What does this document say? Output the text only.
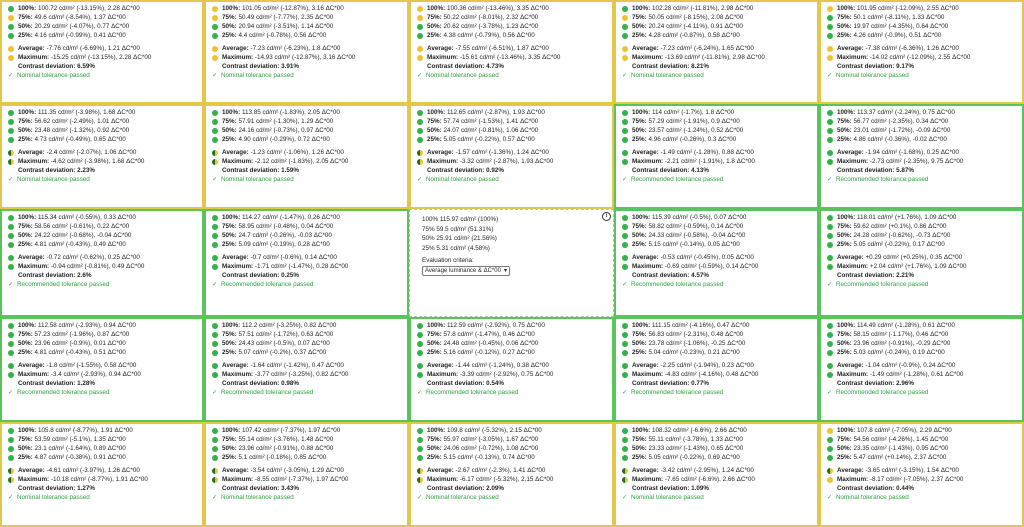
100%: 100.72 cd/m² (-13.15%), 2.28 ΔC*00
75%: 49.6 cd/m² (-8.54%), 1.37 ΔC*00
50%: 20.29 cd/m² (-4.07%), 0.77 ΔC*00
25%: 4.16 cd/m² (-0.99%), 0.41 ΔC*00
Average: -7.76 cd/m² (-6.69%), 1.21 ΔC*00
Maximum: -15.25 cd/m² (-13.15%), 2.28 ΔC*00
Contrast deviation: 6.59%
✓ Nominal tolerance passed
100%: 101.05 cd/m² (-12.87%), 3.16 ΔC*00
75%: 50.49 cd/m² (-7.77%), 2.35 ΔC*00
50%: 20.94 cd/m² (-3.51%), 1.14 ΔC*00
25%: 4.4 cd/m² (-0.78%), 0.56 ΔC*00
Average: -7.23 cd/m² (-6.23%), 1.8 ΔC*00
Maximum: -14.93 cd/m² (-12.87%), 3.16 ΔC*00
Contrast deviation: 3.91%
✓ Nominal tolerance passed
100%: 100.36 cd/m² (-13.46%), 3.35 ΔC*00
75%: 50.22 cd/m² (-8.01%), 2.32 ΔC*00
50%: 20.62 cd/m² (-3.78%), 1.23 ΔC*00
25%: 4.38 cd/m² (-0.79%), 0.56 ΔC*00
Average: -7.55 cd/m² (-6.51%), 1.87 ΔC*00
Maximum: -15.61 cd/m² (-13.46%), 3.35 ΔC*00
Contrast deviation: 4.73%
✓ Nominal tolerance passed
100%: 102.28 cd/m² (-11.81%), 2.98 ΔC*00
75%: 50.05 cd/m² (-8.15%), 2.08 ΔC*00
50%: 20.24 cd/m² (-4.11%), 0.91 ΔC*00
25%: 4.28 cd/m² (-0.87%), 0.58 ΔC*00
Average: -7.23 cd/m² (-6.24%), 1.65 ΔC*00
Maximum: -13.69 cd/m² (-11.81%), 2.98 ΔC*00
Contrast deviation: 8.21%
✓ Nominal tolerance passed
100%: 101.95 cd/m² (-12.09%), 2.55 ΔC*00
75%: 50.1 cd/m² (-8.11%), 1.33 ΔC*00
50%: 19.97 cd/m² (-4.35%), 0.64 ΔC*00
25%: 4.26 cd/m² (-0.9%), 0.51 ΔC*00
Average: -7.38 cd/m² (-6.36%), 1.26 ΔC*00
Maximum: -14.02 cd/m² (-12.09%), 2.55 ΔC*00
Contrast deviation: 9.17%
✓ Nominal tolerance passed
100%: 111.35 cd/m² (-3.98%), 1.68 ΔC*00
75%: 56.62 cd/m² (-2.49%), 1.01 ΔC*00
50%: 23.48 cd/m² (-1.32%), 0.92 ΔC*00
25%: 4.73 cd/m² (-0.49%), 0.65 ΔC*00
Average: -2.4 cd/m² (-2.07%), 1.06 ΔC*00
Maximum: -4.62 cd/m² (-3.98%), 1.68 ΔC*00
Contrast deviation: 2.23%
✓ Nominal tolerance passed
100%: 113.85 cd/m² (-1.83%), 2.05 ΔC*00
75%: 57.91 cd/m² (-1.30%), 1.29 ΔC*00
50%: 24.16 cd/m² (-0.73%), 0.97 ΔC*00
25%: 4.90 cd/m² (-0.29%), 0.72 ΔC*00
Average: -1.23 cd/m² (-1.06%), 1.26 ΔC*00
Maximum: -2.12 cd/m² (-1.83%), 2.05 ΔC*00
Contrast deviation: 1.59%
✓ Nominal tolerance passed
100%: 112.65 cd/m² (-2.87%), 1.93 ΔC*00
75%: 57.74 cd/m² (-1.53%), 1.41 ΔC*00
50%: 24.07 cd/m² (-0.81%), 1.06 ΔC*00
25%: 5.05 cd/m² (-0.22%), 0.57 ΔC*00
Average: -1.57 cd/m² (-1.36%), 1.24 ΔC*00
Maximum: -3.32 cd/m² (-2.87%), 1.93 ΔC*00
Contrast deviation: 0.92%
✓ Nominal tolerance passed
100%: 114 cd/m² (-1.7%), 1.8 ΔC*00
75%: 57.29 cd/m² (-1.91%), 0.9 ΔC*00
50%: 23.57 cd/m² (-1.24%), 0.52 ΔC*00
25%: 4.96 cd/m² (-0.26%), 0.3 ΔC*00
Average: -1.49 cd/m² (-1.28%), 0.88 ΔC*00
Maximum: -2.21 cd/m² (-1.91%), 1.8 ΔC*00
Contrast deviation: 4.13%
✓ Recommended tolerance passed
100%: 113.37 cd/m² (-2.24%), 0.75 ΔC*00
75%: 56.77 cd/m² (-2.35%), 0.34 ΔC*00
50%: 23.01 cd/m² (-1.72%), -0.09 ΔC*00
25%: 4.86 cd/m² (-0.36%), -0.02 ΔC*00
Average: -1.94 cd/m² (-1.68%), 0.25 ΔC*00
Maximum: -2.73 cd/m² (-2.35%), 9.75 ΔC*00
Contrast deviation: 5.87%
✓ Recommended tolerance passed
100%: 115.34 cd/m² (-0.55%), 0.33 ΔC*00
75%: 58.56 cd/m² (-0.61%), 0.22 ΔC*00
50%: 24.22 cd/m² (-0.68%), -0.04 ΔC*00
25%: 4.81 cd/m² (-0.43%), 0.49 ΔC*00
Average: -0.72 cd/m² (-0.62%), 0.25 ΔC*00
Maximum: -0.94 cd/m² (-0.81%), 0.49 ΔC*00
Contrast deviation: 2.6%
✓ Recommended tolerance passed
100%: 114.27 cd/m² (-1.47%), 0.26 ΔC*00
75%: 58.95 cd/m² (-0.48%), 0.04 ΔC*00
50%: 24.7 cd/m² (-0.26%), -0.03 ΔC*00
25%: 5.09 cd/m² (-0.19%), 0.28 ΔC*00
Average: -0.7 cd/m² (-0.6%), 0.14 ΔC*00
Maximum: -1.71 cd/m² (-1.47%), 0.28 ΔC*00
Contrast deviation: 0.25%
✓ Recommended tolerance passed
100% 115.97 cd/m² (100%)
75% 59.5 cd/m² (51.31%)
50% 25.91 cd/m² (21.56%)
25% 5.31 cd/m² (4.58%)
Evaluation criteria:
Average luminance & ΔC*00 ▾
i	100%: 115.39 cd/m² (-0.5%), 0.07 ΔC*00
75%: 58.82 cd/m² (-0.59%), 0.14 ΔC*00
50%: 24.33 cd/m² (-0.58%), -0.04 ΔC*00
25%: 5.15 cd/m² (-0.14%), 0.05 ΔC*00
Average: -0.53 cd/m² (-0.45%), 0.05 ΔC*00
Maximum: -0.69 cd/m² (-0.59%), 0.14 ΔC*00
Contrast deviation: 4.57%
✓ Recommended tolerance passed
100%: 118.01 cd/m² (+1.76%), 1.09 ΔC*00
75%: 59.62 cd/m² (+0.1%), 0.86 ΔC*00
50%: 24.28 cd/m² (-0.62%), -0.73 ΔC*00
25%: 5.05 cd/m² (-0.22%), 0.17 ΔC*00
Average: +0.29 cd/m² (+0.25%), 0.35 ΔC*00
Maximum: +2.04 cd/m² (+1.76%), 1.09 ΔC*00
Contrast deviation: 2.21%
✓ Recommended tolerance passed
100%: 112.58 cd/m² (-2.93%), 0.94 ΔC*00
75%: 57.23 cd/m² (-1.96%), 0.87 ΔC*00
50%: 23.96 cd/m² (-0.9%), 0.01 ΔC*00
25%: 4.81 cd/m² (-0.43%), 0.51 ΔC*00
Average: -1.8 cd/m² (-1.55%), 0.58 ΔC*00
Maximum: -3.4 cd/m² (-2.93%), 0.94 ΔC*00
Contrast deviation: 1.28%
✓ Recommended tolerance passed
100%: 112.2 cd/m² (-3.25%), 0.82 ΔC*00
75%: 57.51 cd/m² (-1.72%), 0.63 ΔC*00
50%: 24.43 cd/m² (-0.5%), 0.07 ΔC*00
25%: 5.07 cd/m² (-0.2%), 0.37 ΔC*00
Average: -1.64 cd/m² (-1.42%), 0.47 ΔC*00
Maximum: -3.77 cd/m² (-3.25%), 0.82 ΔC*00
Contrast deviation: 0.98%
✓ Recommended tolerance passed
100%: 112.59 cd/m² (-2.92%), 0.75 ΔC*00
75%: 57.8 cd/m² (-1.47%), 0.46 ΔC*00
50%: 24.48 cd/m² (-0.45%), 0.06 ΔC*00
25%: 5.16 cd/m² (-0.12%), 0.27 ΔC*00
Average: -1.44 cd/m² (-1.24%), 0.38 ΔC*00
Maximum: -3.39 cd/m² (-2.92%), 0.75 ΔC*00
Contrast deviation: 0.54%
✓ Recommended tolerance passed
100%: 111.15 cd/m² (-4.16%), 0.47 ΔC*00
75%: 56.83 cd/m² (-2.31%), 0.48 ΔC*00
50%: 23.78 cd/m² (-1.06%), -0.25 ΔC*00
25%: 5.04 cd/m² (-0.23%), 0.21 ΔC*00
Average: -2.25 cd/m² (-1.94%), 0.23 ΔC*00
Maximum: -4.83 cd/m² (-4.16%), 0.48 ΔC*00
Contrast deviation: 0.77%
✓ Recommended tolerance passed
100%: 114.49 cd/m² (-1.28%), 0.61 ΔC*00
75%: 58.15 cd/m² (-1.17%), 0.46 ΔC*00
50%: 23.96 cd/m² (-0.91%), -0.29 ΔC*00
25%: 5.03 cd/m² (-0.24%), 0.19 ΔC*00
Average: -1.04 cd/m² (-0.9%), 0.24 ΔC*00
Maximum: -1.49 cd/m² (-1.28%), 0.61 ΔC*00
Contrast deviation: 2.96%
✓ Recommended tolerance passed
100%: 105.8 cd/m² (-8.77%), 1.91 ΔC*00
75%: 53.59 cd/m² (-5.1%), 1.35 ΔC*00
50%: 23.1 cd/m² (-1.64%), 0.89 ΔC*00
25%: 4.87 cd/m² (-0.38%), 0.91 ΔC*00
Average: -4.61 cd/m² (-3.97%), 1.26 ΔC*00
Maximum: -10.18 cd/m² (-8.77%), 1.91 ΔC*00
Contrast deviation: 1.27%
✓ Nominal tolerance passed
100%: 107.42 cd/m² (-7.37%), 1.97 ΔC*00
75%: 55.14 cd/m² (-3.76%), 1.48 ΔC*00
50%: 23.96 cd/m² (-0.91%), 0.88 ΔC*00
25%: 5.1 cd/m² (-0.18%), 0.85 ΔC*00
Average: -3.54 cd/m² (-3.05%), 1.29 ΔC*00
Maximum: -8.55 cd/m² (-7.37%), 1.97 ΔC*00
Contrast deviation: 3.43%
✓ Nominal tolerance passed
100%: 109.8 cd/m² (-5.32%), 2.15 ΔC*00
75%: 55.97 cd/m² (-3.05%), 1.67 ΔC*00
50%: 24.06 cd/m² (-0.72%), 1.08 ΔC*00
25%: 5.15 cd/m² (-0.13%), 0.74 ΔC*00
Average: -2.67 cd/m² (-2.3%), 1.41 ΔC*00
Maximum: -6.17 cd/m² (-5.32%), 2.15 ΔC*00
Contrast deviation: 2.09%
✓ Nominal tolerance passed
100%: 108.32 cd/m² (-6.6%), 2.66 ΔC*00
75%: 55.11 cd/m² (-3.78%), 1.33 ΔC*00
50%: 23.33 cd/m² (-1.43%), 0.65 ΔC*00
25%: 5.05 cd/m² (-0.22%), 0.69 ΔC*00
Average: -3.42 cd/m² (-2.95%), 1.24 ΔC*00
Maximum: -7.65 cd/m² (-6.6%), 2.66 ΔC*00
Contrast deviation: 1.09%
✓ Nominal tolerance passed
100%: 107.8 cd/m² (-7.05%), 2.29 ΔC*00
75%: 54.56 cd/m² (-4.26%), 1.45 ΔC*00
50%: 23.35 cd/m² (-1.43%), 0.95 ΔC*00
25%: 5.47 cd/m² (+0.14%), 2.37 ΔC*00
Average: -3.65 cd/m² (-3.15%), 1.54 ΔC*00
Maximum: -8.17 cd/m² (-7.05%), 2.37 ΔC*00
Contrast deviation: 0.44%
✓ Nominal tolerance passed
